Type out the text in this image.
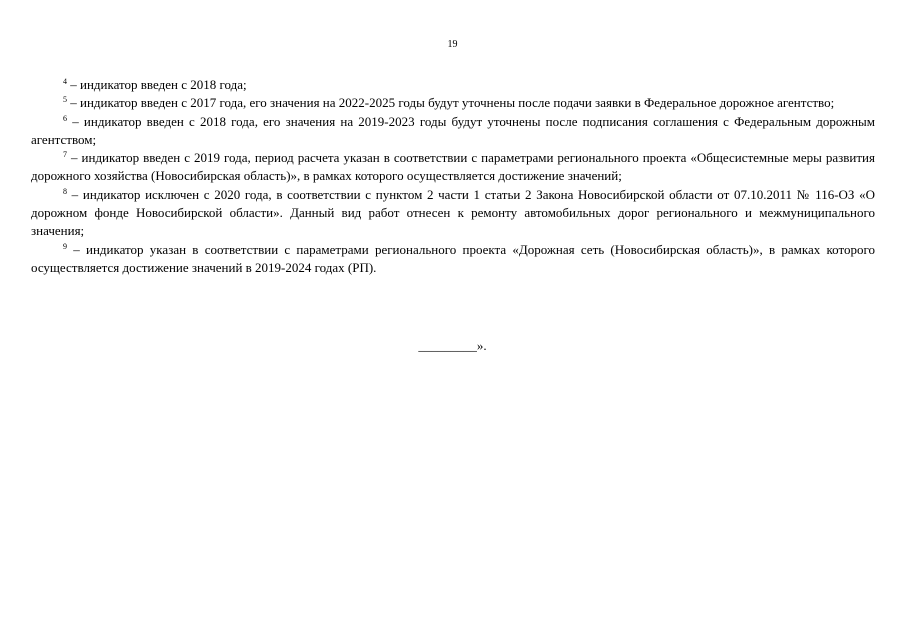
19

$^4$ – индикатор введен с 2018 года;

$^5$ – индикатор введен с 2017 года, его значения на 2022-2025 годы будут уточнены после подачи заявки в Федеральное дорожное агентство;

$^6$ – индикатор введен с 2018 года, его значения на 2019-2023 годы будут уточнены после подписания соглашения с Федеральным дорожным агентством;

$^7$ – индикатор введен с 2019 года, период расчета указан в соответствии с параметрами регионального проекта «Общесистемные меры развития дорожного хозяйства (Новосибирская область)», в рамках которого осуществляется достижение значений;

$^8$ – индикатор исключен с 2020 года, в соответствии с пунктом 2 части 1 статьи 2 Закона Новосибирской области от 07.10.2011 № 116-ОЗ «О дорожном фонде Новосибирской области». Данный вид работ отнесен к ремонту автомобильных дорог регионального и межмуниципального значения;

$^9$ – индикатор указан в соответствии с параметрами регионального проекта «Дорожная сеть (Новосибирская область)», в рамках которого осуществляется достижение значений в 2019-2024 годах (РП).

_________».
